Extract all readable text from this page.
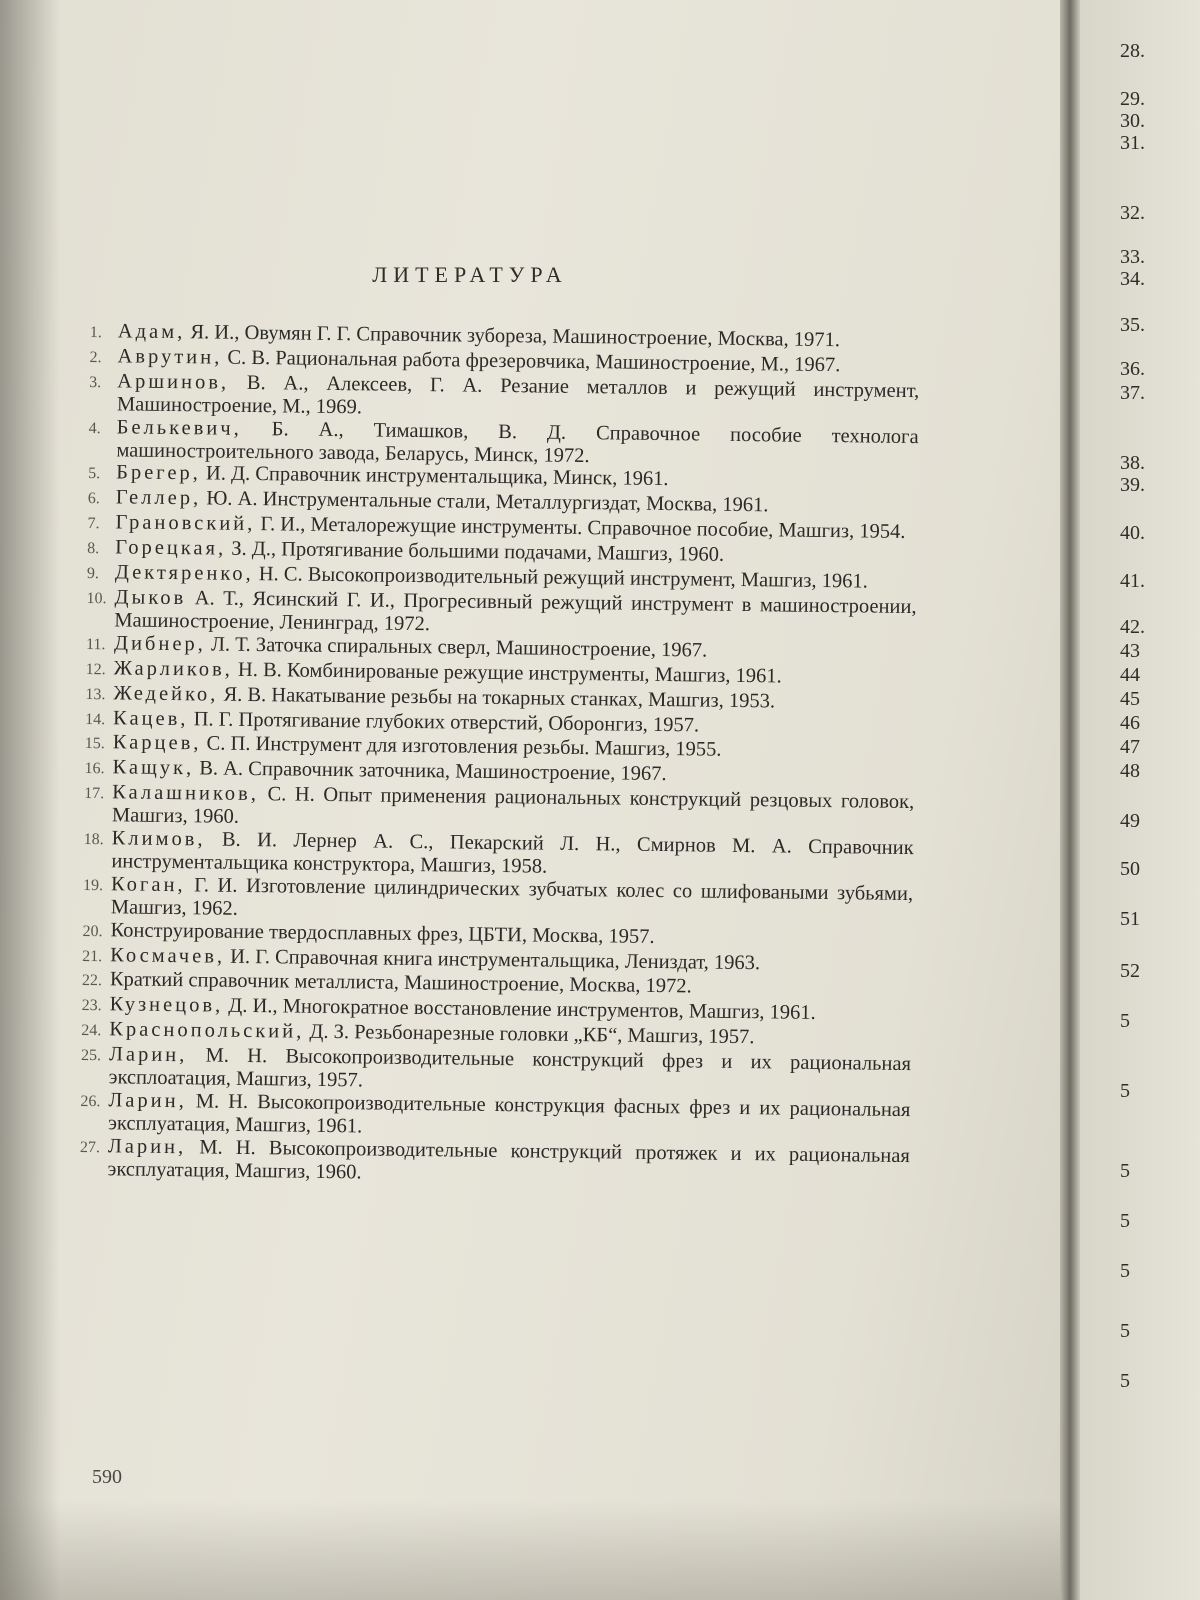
ЛИТЕРАТУРА
1. Адам, Я. И., Овумян Г. Г. Справочник зубореза, Машиностроение, Москва, 1971.
2. Аврутин, С. В. Рациональная работа фрезеровчика, Машиностроение, М., 1967.
3. Аршинов, В. А., Алексеев, Г. А. Резание металлов и режущий инструмент, Машиностроение, М., 1969.
4. Белькевич, Б. А., Тимашков, В. Д. Справочное пособие технолога машиностроительного завода, Беларусь, Минск, 1972.
5. Брегер, И. Д. Справочник инструментальщика, Минск, 1961.
6. Геллер, Ю. А. Инструментальные стали, Металлургиздат, Москва, 1961.
7. Грановский, Г. И., Металорежущие инструменты. Справочное пособие, Машгиз, 1954.
8. Горецкая, З. Д., Протягивание большими подачами, Машгиз, 1960.
9. Дектяренко, Н. С. Высокопроизводительный режущий инструмент, Машгиз, 1961.
10. Дыков А. Т., Ясинский Г. И., Прогресивный режущий инструмент в машиностроении, Машиностроение, Ленинград, 1972.
11. Дибнер, Л. Т. Заточка спиральных сверл, Машиностроение, 1967.
12. Жарликов, Н. В. Комбинированые режущие инструменты, Машгиз, 1961.
13. Жедейко, Я. В. Накатывание резьбы на токарных станках, Машгиз, 1953.
14. Кацев, П. Г. Протягивание глубоких отверстий, Оборонгиз, 1957.
15. Карцев, С. П. Инструмент для изготовления резьбы. Машгиз, 1955.
16. Кащук, В. А. Справочник заточника, Машиностроение, 1967.
17. Калашников, С. Н. Опыт применения рациональных конструкций резцовых головок, Машгиз, 1960.
18. Климов, В. И. Лернер А. С., Пекарский Л. Н., Смирнов М. А. Справочник инструментальщика конструктора, Машгиз, 1958.
19. Коган, Г. И. Изготовление цилиндрических зубчатых колес со шлифоваными зубьями, Машгиз, 1962.
20. Конструирование твердосплавных фрез, ЦБТИ, Москва, 1957.
21. Космачев, И. Г. Справочная книга инструментальщика, Лениздат, 1963.
22. Краткий справочник металлиста, Машиностроение, Москва, 1972.
23. Кузнецов, Д. И., Многократное восстановление инструментов, Машгиз, 1961.
24. Краснопольский, Д. З. Резьбонарезные головки „КБ“, Машгиз, 1957.
25. Ларин, М. Н. Высокопроизводительные конструкций фрез и их рациональная эксплоатация, Машгиз, 1957.
26. Ларин, М. Н. Высокопроизводительные конструкция фасных фрез и их рациональная эксплуатация, Машгиз, 1961.
27. Ларин, М. Н. Высокопроизводительные конструкций протяжек и их рациональная эксплуатация, Машгиз, 1960.
590
28.
29.
30.
31.
32.
33.
34.
35.
36.
37.
38.
39.
40.
41.
42.
43
44
45
46
47
48
49
50
51
52
5
5
5
5
5
5
5
